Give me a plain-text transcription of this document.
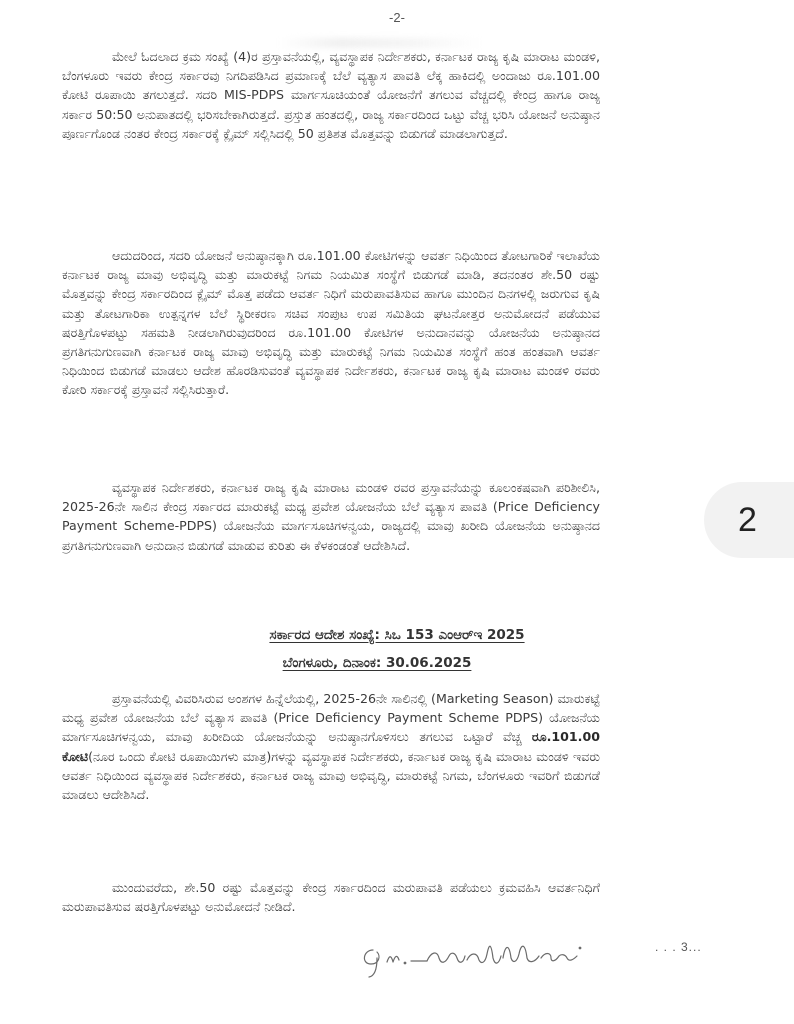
-2-

ಮೇಲೆ ಓದಲಾದ ಕ್ರಮ ಸಂಖ್ಯೆ (4)ರ ಪ್ರಸ್ತಾವನೆಯಲ್ಲಿ, ವ್ಯವಸ್ಥಾಪಕ ನಿರ್ದೇಶಕರು, ಕರ್ನಾಟಕ ರಾಜ್ಯ ಕೃಷಿ ಮಾರಾಟ ಮಂಡಳಿ, ಬೆಂಗಳೂರು ಇವರು ಕೇಂದ್ರ ಸರ್ಕಾರವು ನಿಗದಿಪಡಿಸಿದ ಪ್ರಮಾಣಕ್ಕೆ ಬೆಲೆ ವ್ಯತ್ಯಾಸ ಪಾವತಿ ಲೆಕ್ಕ ಹಾಕಿದಲ್ಲಿ ಅಂದಾಜು ರೂ.101.00 ಕೋಟಿ ರೂಪಾಯಿ ತಗಲುತ್ತದೆ. ಸದರಿ MIS-PDPS ಮಾರ್ಗಸೂಚಿಯಂತೆ ಯೋಜನೆಗೆ ತಗಲುವ ವೆಚ್ಚದಲ್ಲಿ ಕೇಂದ್ರ ಹಾಗೂ ರಾಜ್ಯ ಸರ್ಕಾರ 50:50 ಅನುಪಾತದಲ್ಲಿ ಭರಿಸಬೇಕಾಗಿರುತ್ತದೆ. ಪ್ರಸ್ತುತ ಹಂತದಲ್ಲಿ, ರಾಜ್ಯ ಸರ್ಕಾರದಿಂದ ಒಟ್ಟು ವೆಚ್ಚ ಭರಿಸಿ ಯೋಜನೆ ಅನುಷ್ಠಾನ ಪೂರ್ಣಗೊಂಡ ನಂತರ ಕೇಂದ್ರ ಸರ್ಕಾರಕ್ಕೆ ಕ್ಲೈಮ್ ಸಲ್ಲಿಸಿದಲ್ಲಿ 50 ಪ್ರತಿಶತ ಮೊತ್ತವನ್ನು ಬಿಡುಗಡೆ ಮಾಡಲಾಗುತ್ತದೆ.

ಆದುದರಿಂದ, ಸದರಿ ಯೋಜನೆ ಅನುಷ್ಠಾನಕ್ಕಾಗಿ ರೂ.101.00 ಕೋಟಿಗಳನ್ನು ಆವರ್ತ ನಿಧಿಯಿಂದ ತೋಟಗಾರಿಕೆ ಇಲಾಖೆಯ ಕರ್ನಾಟಕ ರಾಜ್ಯ ಮಾವು ಅಭಿವೃದ್ಧಿ ಮತ್ತು ಮಾರುಕಟ್ಟೆ ನಿಗಮ ನಿಯಮಿತ ಸಂಸ್ಥೆಗೆ ಬಿಡುಗಡೆ ಮಾಡಿ, ತದನಂತರ ಶೇ.50 ರಷ್ಟು ಮೊತ್ತವನ್ನು ಕೇಂದ್ರ ಸರ್ಕಾರದಿಂದ ಕ್ಲೈಮ್ ಮೊತ್ತ ಪಡೆದು ಆವರ್ತ ನಿಧಿಗೆ ಮರುಪಾವತಿಸುವ ಹಾಗೂ ಮುಂದಿನ ದಿನಗಳಲ್ಲಿ ಜರುಗುವ ಕೃಷಿ ಮತ್ತು ತೋಟಗಾರಿಕಾ ಉತ್ಪನ್ನಗಳ ಬೆಲೆ ಸ್ಥಿರೀಕರಣ ಸಚಿವ ಸಂಪುಟ ಉಪ ಸಮಿತಿಯ ಘಟನೋತ್ತರ ಅನುಮೋದನೆ ಪಡೆಯುವ ಷರತ್ತಿಗೊಳಪಟ್ಟು ಸಹಮತಿ ನೀಡಲಾಗಿರುವುದರಿಂದ ರೂ.101.00 ಕೋಟಿಗಳ ಅನುದಾನವನ್ನು ಯೋಜನೆಯ ಅನುಷ್ಠಾನದ ಪ್ರಗತಿಗನುಗುಣವಾಗಿ ಕರ್ನಾಟಕ ರಾಜ್ಯ ಮಾವು ಅಭಿವೃದ್ಧಿ ಮತ್ತು ಮಾರುಕಟ್ಟೆ ನಿಗಮ ನಿಯಮಿತ ಸಂಸ್ಥೆಗೆ ಹಂತ ಹಂತವಾಗಿ ಆವರ್ತ ನಿಧಿಯಿಂದ ಬಿಡುಗಡೆ ಮಾಡಲು ಆದೇಶ ಹೊರಡಿಸುವಂತೆ ವ್ಯವಸ್ಥಾಪಕ ನಿರ್ದೇಶಕರು, ಕರ್ನಾಟಕ ರಾಜ್ಯ ಕೃಷಿ ಮಾರಾಟ ಮಂಡಳಿ ರವರು ಕೋರಿ ಸರ್ಕಾರಕ್ಕೆ ಪ್ರಸ್ತಾವನೆ ಸಲ್ಲಿಸಿರುತ್ತಾರೆ.

ವ್ಯವಸ್ಥಾಪಕ ನಿರ್ದೇಶಕರು, ಕರ್ನಾಟಕ ರಾಜ್ಯ ಕೃಷಿ ಮಾರಾಟ ಮಂಡಳಿ ರವರ ಪ್ರಸ್ತಾವನೆಯನ್ನು ಕೂಲಂಕಷವಾಗಿ ಪರಿಶೀಲಿಸಿ, 2025-26ನೇ ಸಾಲಿನ ಕೇಂದ್ರ ಸರ್ಕಾರದ ಮಾರುಕಟ್ಟೆ ಮಧ್ಯ ಪ್ರವೇಶ ಯೋಜನೆಯ ಬೆಲೆ ವ್ಯತ್ಯಾಸ ಪಾವತಿ (Price Deficiency Payment Scheme-PDPS) ಯೋಜನೆಯ ಮಾರ್ಗಸೂಚಿಗಳನ್ವಯ, ರಾಜ್ಯದಲ್ಲಿ ಮಾವು ಖರೀದಿ ಯೋಜನೆಯ ಅನುಷ್ಠಾನದ ಪ್ರಗತಿಗನುಗುಣವಾಗಿ ಅನುದಾನ ಬಿಡುಗಡೆ ಮಾಡುವ ಕುರಿತು ಈ ಕೆಳಕಂಡಂತೆ ಆದೇಶಿಸಿದೆ.

ಸರ್ಕಾರದ ಆದೇಶ ಸಂಖ್ಯೆ: ಸಿಒ 153 ಎಂಆರ್‌ಇ 2025
ಬೆಂಗಳೂರು, ದಿನಾಂಕ: 30.06.2025

ಪ್ರಸ್ತಾವನೆಯಲ್ಲಿ ವಿವರಿಸಿರುವ ಅಂಶಗಳ ಹಿನ್ನೆಲೆಯಲ್ಲಿ, 2025-26ನೇ ಸಾಲಿನಲ್ಲಿ (Marketing Season) ಮಾರುಕಟ್ಟೆ ಮಧ್ಯ ಪ್ರವೇಶ ಯೋಜನೆಯ ಬೆಲೆ ವ್ಯತ್ಯಾಸ ಪಾವತಿ (Price Deficiency Payment Scheme PDPS) ಯೋಜನೆಯ ಮಾರ್ಗಸೂಚಿಗಳನ್ವಯ, ಮಾವು ಖರೀದಿಯ ಯೋಜನೆಯನ್ನು ಅನುಷ್ಠಾನಗೊಳಿಸಲು ತಗಲುವ ಒಟ್ಟಾರೆ ವೆಚ್ಚ ರೂ.101.00 ಕೋಟಿ(ನೂರ ಒಂದು ಕೋಟಿ ರೂಪಾಯಿಗಳು ಮಾತ್ರ)ಗಳನ್ನು ವ್ಯವಸ್ಥಾಪಕ ನಿರ್ದೇಶಕರು, ಕರ್ನಾಟಕ ರಾಜ್ಯ ಕೃಷಿ ಮಾರಾಟ ಮಂಡಳಿ ಇವರು ಆವರ್ತ ನಿಧಿಯಿಂದ ವ್ಯವಸ್ಥಾಪಕ ನಿರ್ದೇಶಕರು, ಕರ್ನಾಟಕ ರಾಜ್ಯ ಮಾವು ಅಭಿವೃದ್ಧಿ, ಮಾರುಕಟ್ಟೆ ನಿಗಮ, ಬೆಂಗಳೂರು ಇವರಿಗೆ ಬಿಡುಗಡೆ ಮಾಡಲು ಆದೇಶಿಸಿದೆ.

ಮುಂದುವರೆದು, ಶೇ.50 ರಷ್ಟು ಮೊತ್ತವನ್ನು ಕೇಂದ್ರ ಸರ್ಕಾರದಿಂದ ಮರುಪಾವತಿ ಪಡೆಯಲು ಕ್ರಮವಹಿಸಿ ಆವರ್ತನಿಧಿಗೆ ಮರುಪಾವತಿಸುವ ಷರತ್ತಿಗೊಳಪಟ್ಟು ಅನುಮೋದನೆ ನೀಡಿದೆ.

. . . 3...
2
